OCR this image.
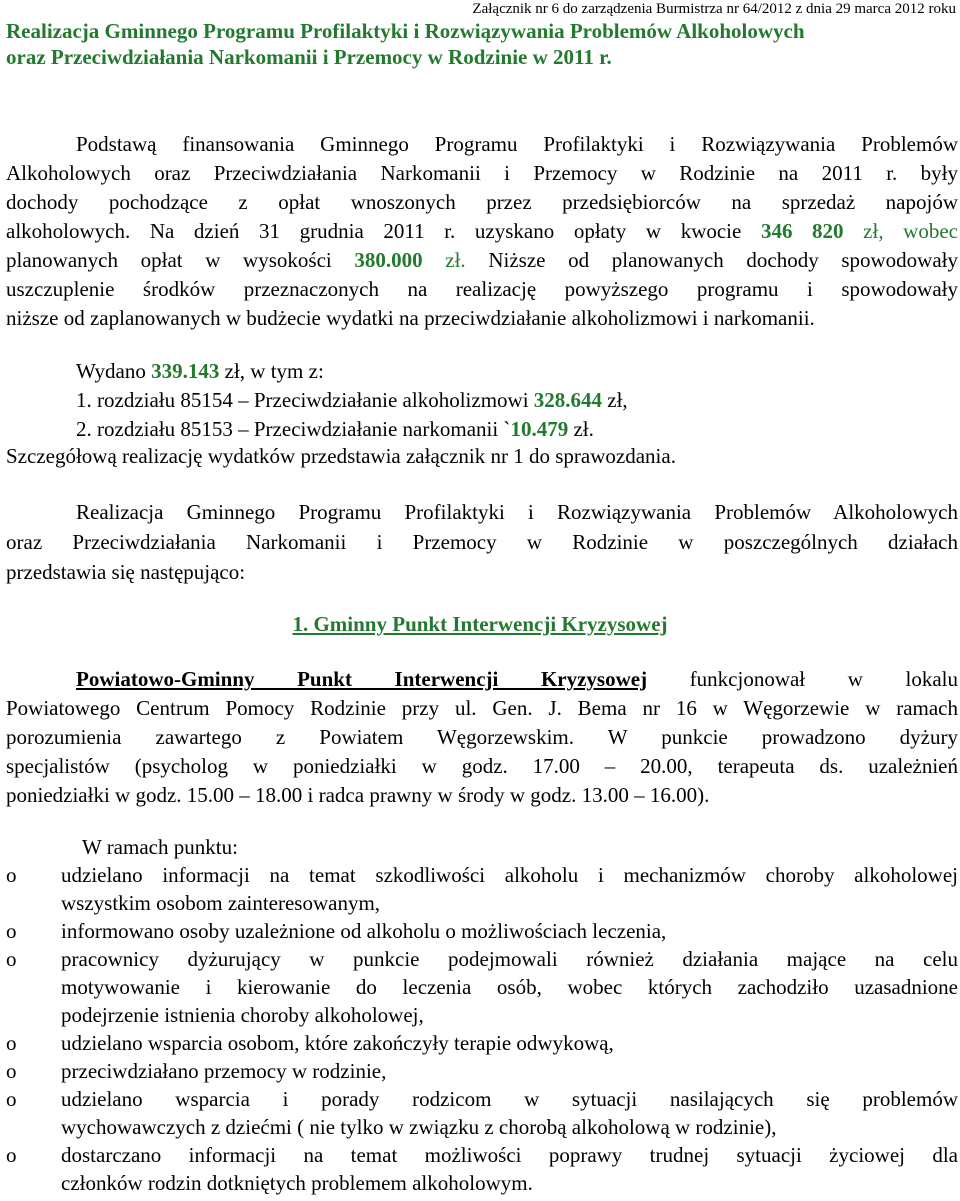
Załącznik nr 6 do zarządzenia Burmistrza nr 64/2012 z dnia 29 marca 2012 roku
Realizacja Gminnego Programu Profilaktyki i Rozwiązywania Problemów Alkoholowych
oraz Przeciwdziałania Narkomanii i Przemocy w Rodzinie w 2011 r.
Podstawą finansowania Gminnego Programu Profilaktyki i Rozwiązywania Problemów
Alkoholowych oraz Przeciwdziałania Narkomanii i Przemocy w Rodzinie na 2011 r. były
dochody pochodzące z opłat wnoszonych przez przedsiębiorców na sprzedaż napojów
alkoholowych. Na dzień 31 grudnia 2011 r. uzyskano opłaty w kwocie 346 820 zł, wobec
planowanych opłat w wysokości 380.000 zł. Niższe od planowanych dochody spowodowały
uszczuplenie środków przeznaczonych na realizację powyższego programu i spowodowały
niższe od zaplanowanych w budżecie wydatki na przeciwdziałanie alkoholizmowi i narkomanii.
Wydano 339.143 zł, w tym z:
1. rozdziału 85154 – Przeciwdziałanie alkoholizmowi 328.644 zł,
2. rozdziału 85153 – Przeciwdziałanie narkomanii `10.479 zł.
Szczegółową realizację wydatków przedstawia załącznik nr 1 do sprawozdania.
Realizacja Gminnego Programu Profilaktyki i Rozwiązywania Problemów Alkoholowych
oraz Przeciwdziałania Narkomanii i Przemocy w Rodzinie w poszczególnych działach
przedstawia się następująco:
1. Gminny Punkt Interwencji Kryzysowej
Powiatowo-Gminny Punkt Interwencji Kryzysowej funkcjonował w lokalu
Powiatowego Centrum Pomocy Rodzinie przy ul. Gen. J. Bema nr 16 w Węgorzewie w ramach
porozumienia zawartego z Powiatem Węgorzewskim. W punkcie prowadzono dyżury
specjalistów (psycholog w poniedziałki w godz. 17.00 – 20.00, terapeuta ds. uzależnień
poniedziałki w godz. 15.00 – 18.00 i radca prawny w środy w godz. 13.00 – 16.00).
W ramach punktu:
o	udzielano informacji na temat szkodliwości alkoholu i mechanizmów choroby alkoholowej
wszystkim osobom zainteresowanym,
o	informowano osoby uzależnione od alkoholu o możliwościach leczenia,
o	pracownicy dyżurujący w punkcie podejmowali również działania mające na celu
motywowanie i kierowanie do leczenia osób, wobec których zachodziło uzasadnione
podejrzenie istnienia choroby alkoholowej,
o	udzielano wsparcia osobom, które zakończyły terapie odwykową,
o	przeciwdziałano przemocy w rodzinie,
o	udzielano wsparcia i porady rodzicom w sytuacji nasilających się problemów
wychowawczych z dziećmi ( nie tylko w związku z chorobą alkoholową w rodzinie),
o	dostarczano informacji na temat możliwości poprawy trudnej sytuacji życiowej dla
członków rodzin dotkniętych problemem alkoholowym.
